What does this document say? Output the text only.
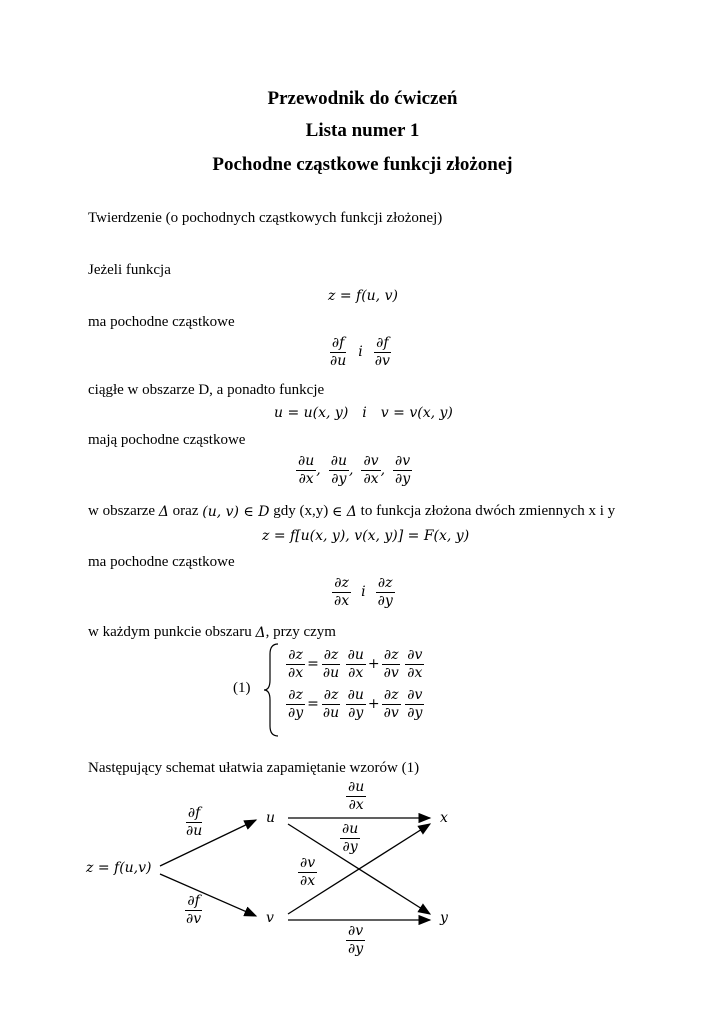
Przewodnik do ćwiczeń
Lista numer 1
Pochodne cząstkowe funkcji złożonej
Twierdzenie (o pochodnych cząstkowych funkcji złożonej)
Jeżeli funkcja
z = f(u, v)
ma pochodne cząstkowe
$\frac{\partial f}{\partial u}$ i $\frac{\partial f}{\partial v}$
ciągłe w obszarze D, a ponadto funkcje
u = u(x, y) i v = v(x, y)
mają pochodne cząstkowe
$\frac{\partial u}{\partial x}$ , $\frac{\partial u}{\partial y}$ , $\frac{\partial v}{\partial x}$ , $\frac{\partial v}{\partial y}$
w obszarze
Δ
oraz
(u, v) ∈ D
gdy (x,y)
∈ Δ
to funkcja złożona dwóch zmiennych x i y
z = f[u(x, y), v(x, y)] = F(x, y)
ma pochodne cząstkowe
$\frac{\partial z}{\partial x}$ i $\frac{\partial z}{\partial y}$
w każdym punkcie obszaru
Δ , przy czym
(1)
$\frac{\partial z}{\partial x} = \frac{\partial z}{\partial u}$
$\frac{\partial u}{\partial x} + \frac{\partial z}{\partial v}$
$\frac{\partial v}{\partial x}$
$\frac{\partial z}{\partial y} = \frac{\partial z}{\partial u}$
$\frac{\partial u}{\partial y} + \frac{\partial z}{\partial v}$
$\frac{\partial v}{\partial y}$
Następujący schemat ułatwia zapamiętanie wzorów (1)
z = f(u,v)
u
v
x
y
$\frac{\partial f}{\partial u}$
$\frac{\partial f}{\partial v}$
$\frac{\partial u}{\partial x}$
$\frac{\partial u}{\partial y}$
$\frac{\partial v}{\partial x}$
$\frac{\partial v}{\partial y}$
